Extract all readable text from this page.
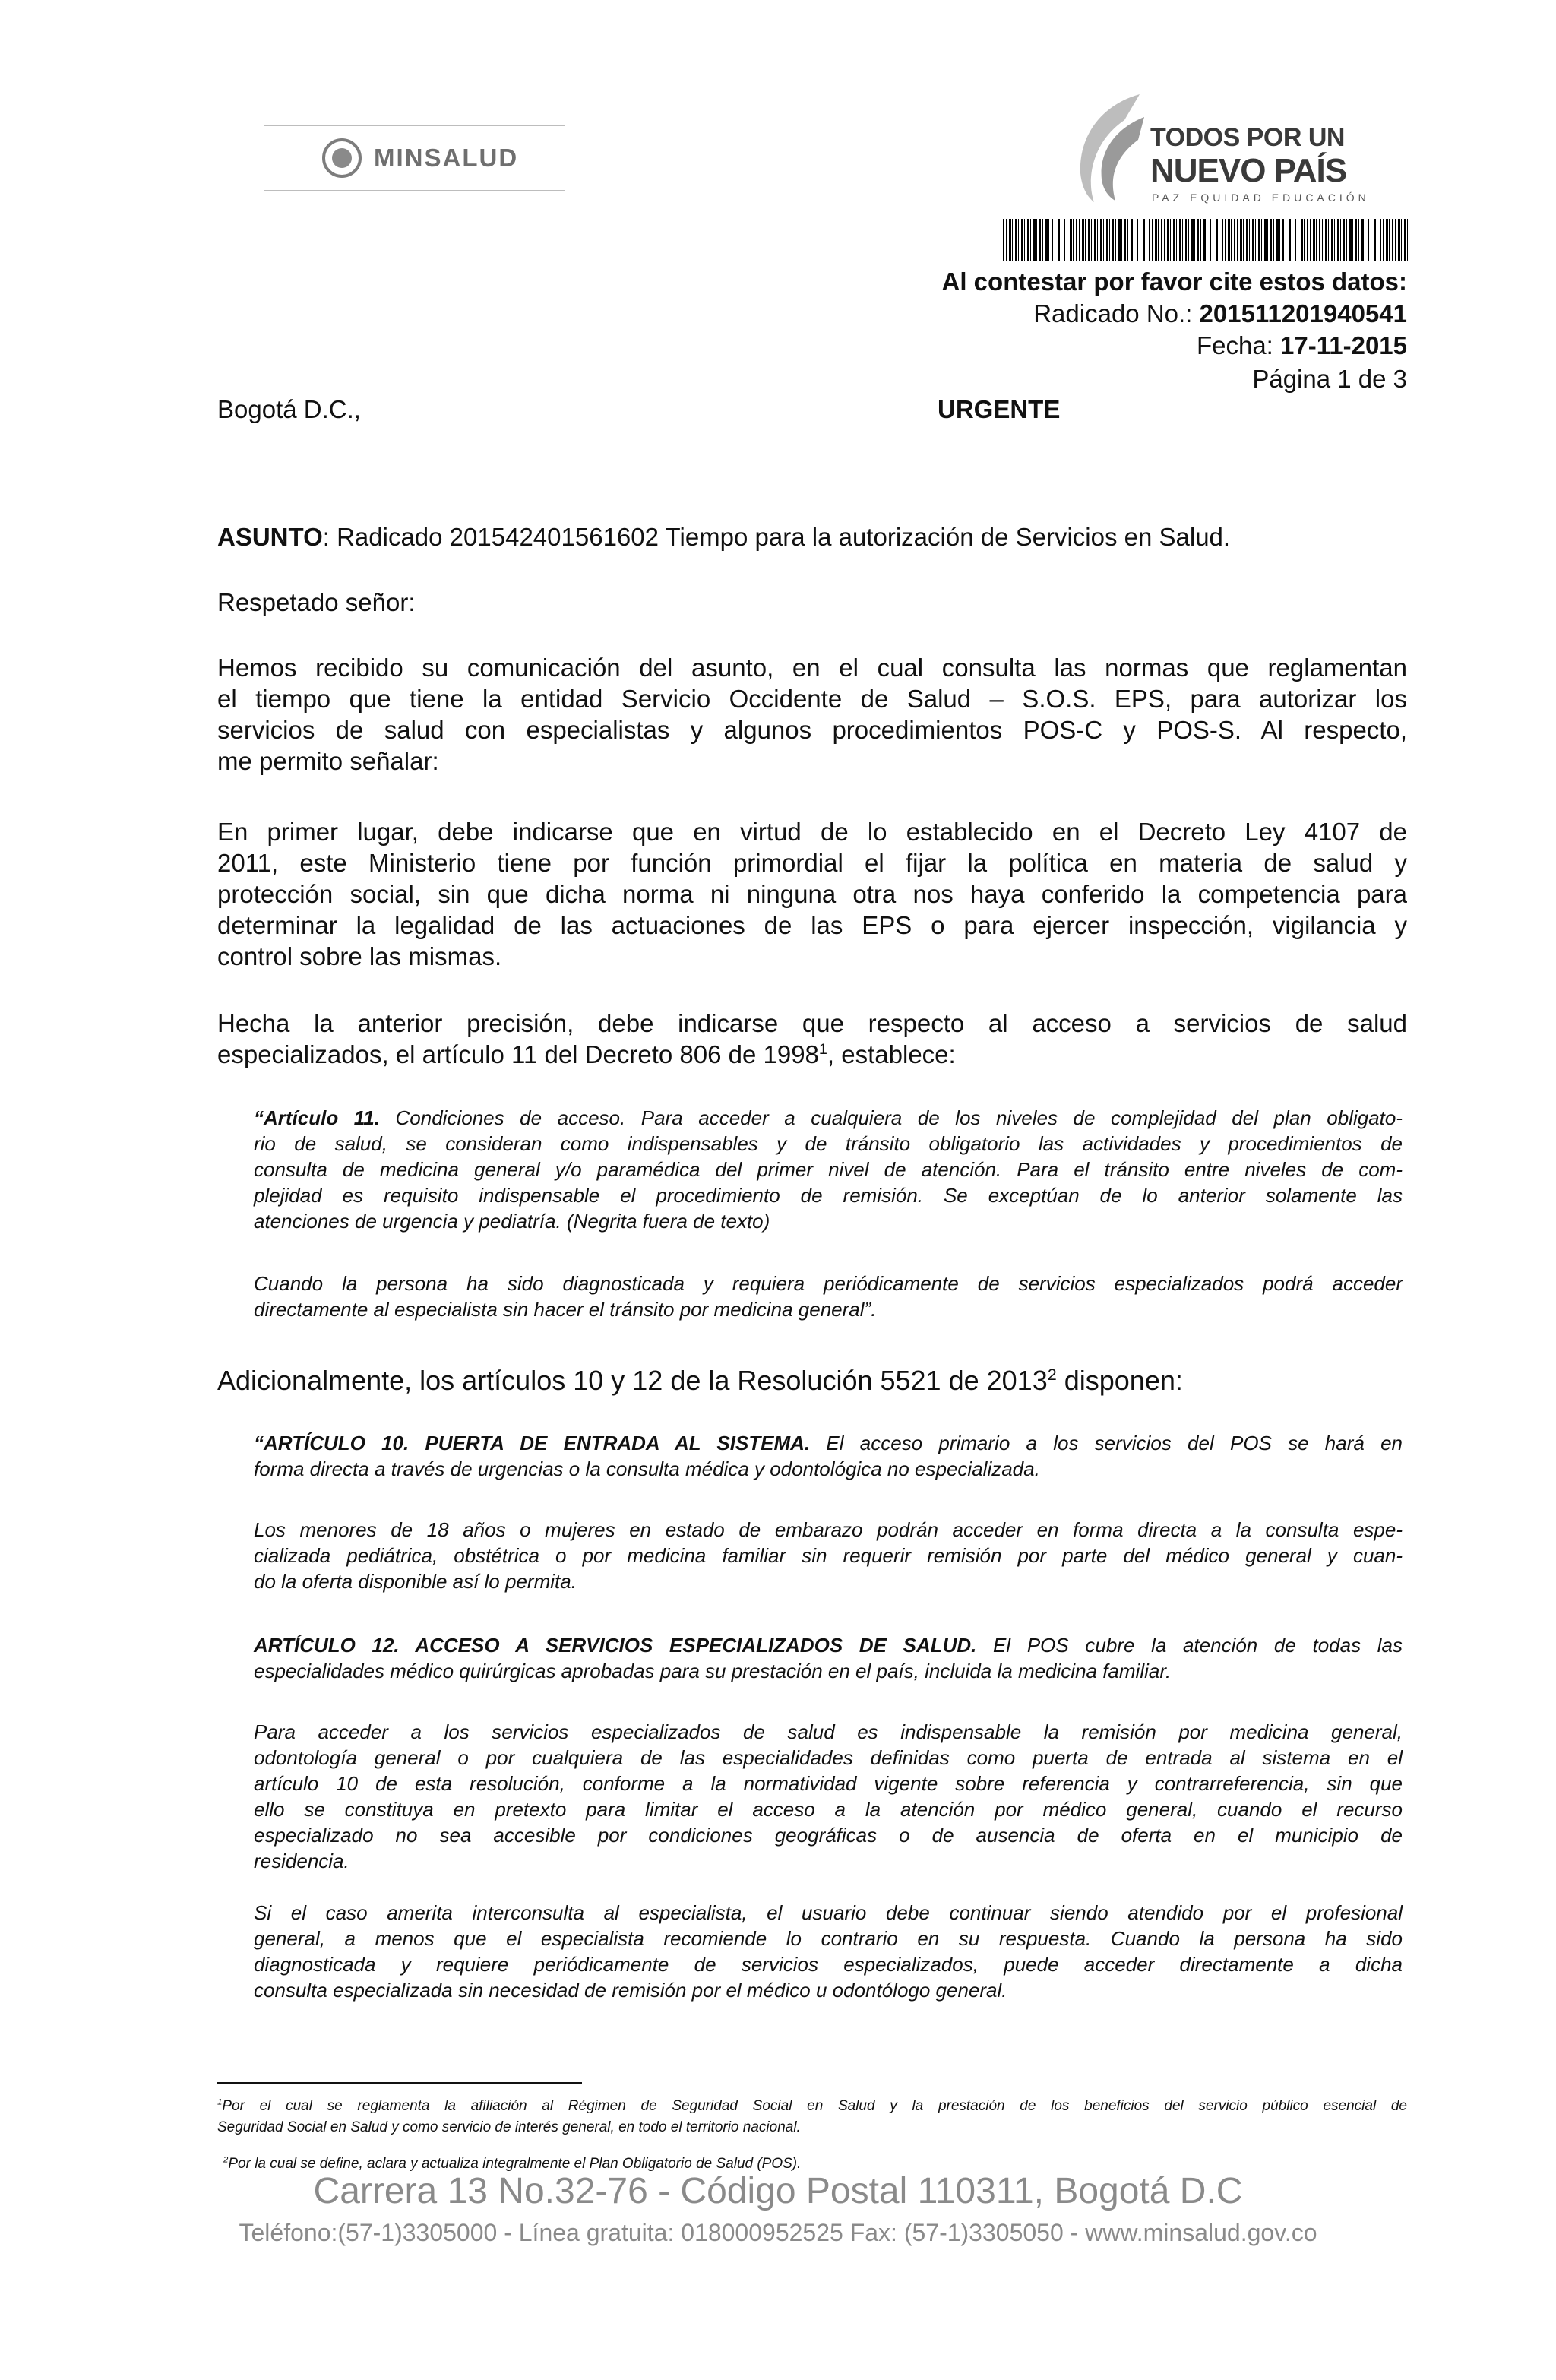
MINSALUD
TODOS POR UN
NUEVO PAÍS
PAZ EQUIDAD EDUCACIÓN
Al contestar por favor cite estos datos:
Radicado No.: 201511201940541
Fecha: 17-11-2015
Página 1 de 3
Bogotá D.C.,	URGENTE
ASUNTO: Radicado 201542401561602 Tiempo para la autorización de Servicios en Salud.
Respetado señor:
Hemos recibido su comunicación del asunto, en el cual consulta las normas que reglamentan
el tiempo que tiene la entidad Servicio Occidente de Salud – S.O.S. EPS, para autorizar los
servicios de salud con especialistas y algunos procedimientos POS-C y POS-S. Al respecto,
me permito señalar:
En primer lugar, debe indicarse que en virtud de lo establecido en el Decreto Ley 4107 de
2011, este Ministerio tiene por función primordial el fijar la política en materia de salud y
protección social, sin que dicha norma ni ninguna otra nos haya conferido la competencia para
determinar la legalidad de las actuaciones de las EPS o para ejercer inspección, vigilancia y
control sobre las mismas.
Hecha la anterior precisión, debe indicarse que respecto al acceso a servicios de salud
especializados, el artículo 11 del Decreto 806 de 1998$^1$, establece:
“Artículo 11. Condiciones de acceso. Para acceder a cualquiera de los niveles de complejidad del plan obligato-
rio de salud, se consideran como indispensables y de tránsito obligatorio las actividades y procedimientos de
consulta de medicina general y/o paramédica del primer nivel de atención. Para el tránsito entre niveles de com-
plejidad es requisito indispensable el procedimiento de remisión. Se exceptúan de lo anterior solamente las
atenciones de urgencia y pediatría. (Negrita fuera de texto)
Cuando la persona ha sido diagnosticada y requiera periódicamente de servicios especializados podrá acceder
directamente al especialista sin hacer el tránsito por medicina general”.
Adicionalmente, los artículos 10 y 12 de la Resolución 5521 de 2013$^2$ disponen:
“ARTÍCULO 10. PUERTA DE ENTRADA AL SISTEMA. El acceso primario a los servicios del POS se hará en
forma directa a través de urgencias o la consulta médica y odontológica no especializada.
Los menores de 18 años o mujeres en estado de embarazo podrán acceder en forma directa a la consulta espe-
cializada pediátrica, obstétrica o por medicina familiar sin requerir remisión por parte del médico general y cuan-
do la oferta disponible así lo permita.
ARTÍCULO 12. ACCESO A SERVICIOS ESPECIALIZADOS DE SALUD. El POS cubre la atención de todas las
especialidades médico quirúrgicas aprobadas para su prestación en el país, incluida la medicina familiar.
Para acceder a los servicios especializados de salud es indispensable la remisión por medicina general,
odontología general o por cualquiera de las especialidades definidas como puerta de entrada al sistema en el
artículo 10 de esta resolución, conforme a la normatividad vigente sobre referencia y contrarreferencia, sin que
ello se constituya en pretexto para limitar el acceso a la atención por médico general, cuando el recurso
especializado no sea accesible por condiciones geográficas o de ausencia de oferta en el municipio de
residencia.
Si el caso amerita interconsulta al especialista, el usuario debe continuar siendo atendido por el profesional
general, a menos que el especialista recomiende lo contrario en su respuesta. Cuando la persona ha sido
diagnosticada y requiere periódicamente de servicios especializados, puede acceder directamente a dicha
consulta especializada sin necesidad de remisión por el médico u odontólogo general.
$^1$Por el cual se reglamenta la afiliación al Régimen de Seguridad Social en Salud y la prestación de los beneficios del servicio público esencial de
Seguridad Social en Salud y como servicio de interés general, en todo el territorio nacional.
$^2$Por la cual se define, aclara y actualiza integralmente el Plan Obligatorio de Salud (POS).
Carrera 13 No.32-76 - Código Postal 110311, Bogotá D.C
Teléfono:(57-1)3305000 - Línea gratuita: 018000952525 Fax: (57-1)3305050 - www.minsalud.gov.co
